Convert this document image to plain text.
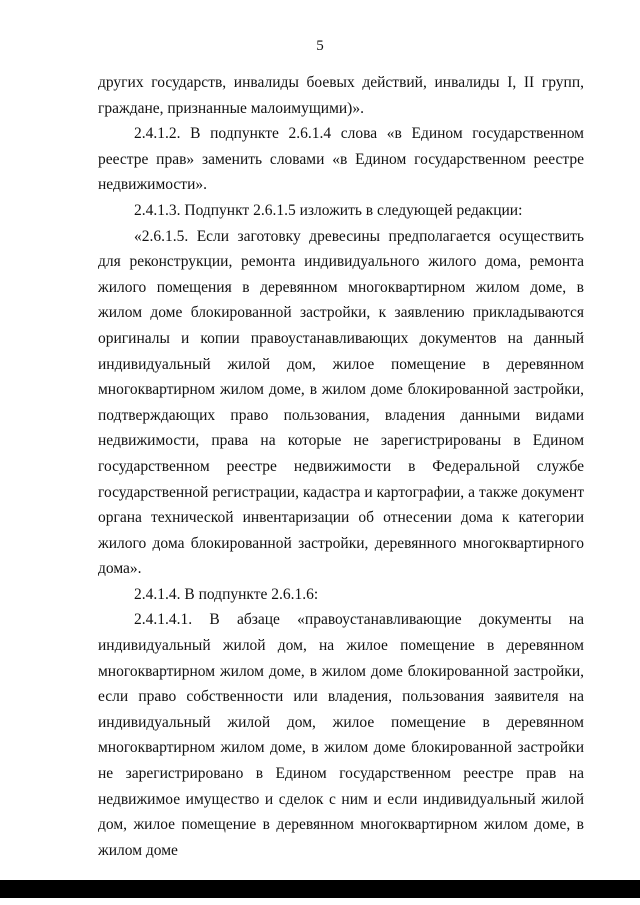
5

других государств, инвалиды боевых действий, инвалиды I, II групп, граждане, признанные малоимущими)».

2.4.1.2. В подпункте 2.6.1.4 слова «в Едином государственном реестре прав» заменить словами «в Едином государственном реестре недвижимости».

2.4.1.3. Подпункт 2.6.1.5 изложить в следующей редакции:

«2.6.1.5. Если заготовку древесины предполагается осуществить для реконструкции, ремонта индивидуального жилого дома, ремонта жилого помещения в деревянном многоквартирном жилом доме, в жилом доме блокированной застройки, к заявлению прикладываются оригиналы и копии правоустанавливающих документов на данный индивидуальный жилой дом, жилое помещение в деревянном многоквартирном жилом доме, в жилом доме блокированной застройки, подтверждающих право пользования, владения данными видами недвижимости, права на которые не зарегистрированы в Едином государственном реестре недвижимости в Федеральной службе государственной регистрации, кадастра и картографии, а также документ органа технической инвентаризации об отнесении дома к категории жилого дома блокированной застройки, деревянного многоквартирного дома».

2.4.1.4. В подпункте 2.6.1.6:

2.4.1.4.1. В абзаце «правоустанавливающие документы на индивидуальный жилой дом, на жилое помещение в деревянном многоквартирном жилом доме, в жилом доме блокированной застройки, если право собственности или владения, пользования заявителя на индивидуальный жилой дом, жилое помещение в деревянном многоквартирном жилом доме, в жилом доме блокированной застройки не зарегистрировано в Едином государственном реестре прав на недвижимое имущество и сделок с ним и если индивидуальный жилой дом, жилое помещение в деревянном многоквартирном жилом доме, в жилом доме
